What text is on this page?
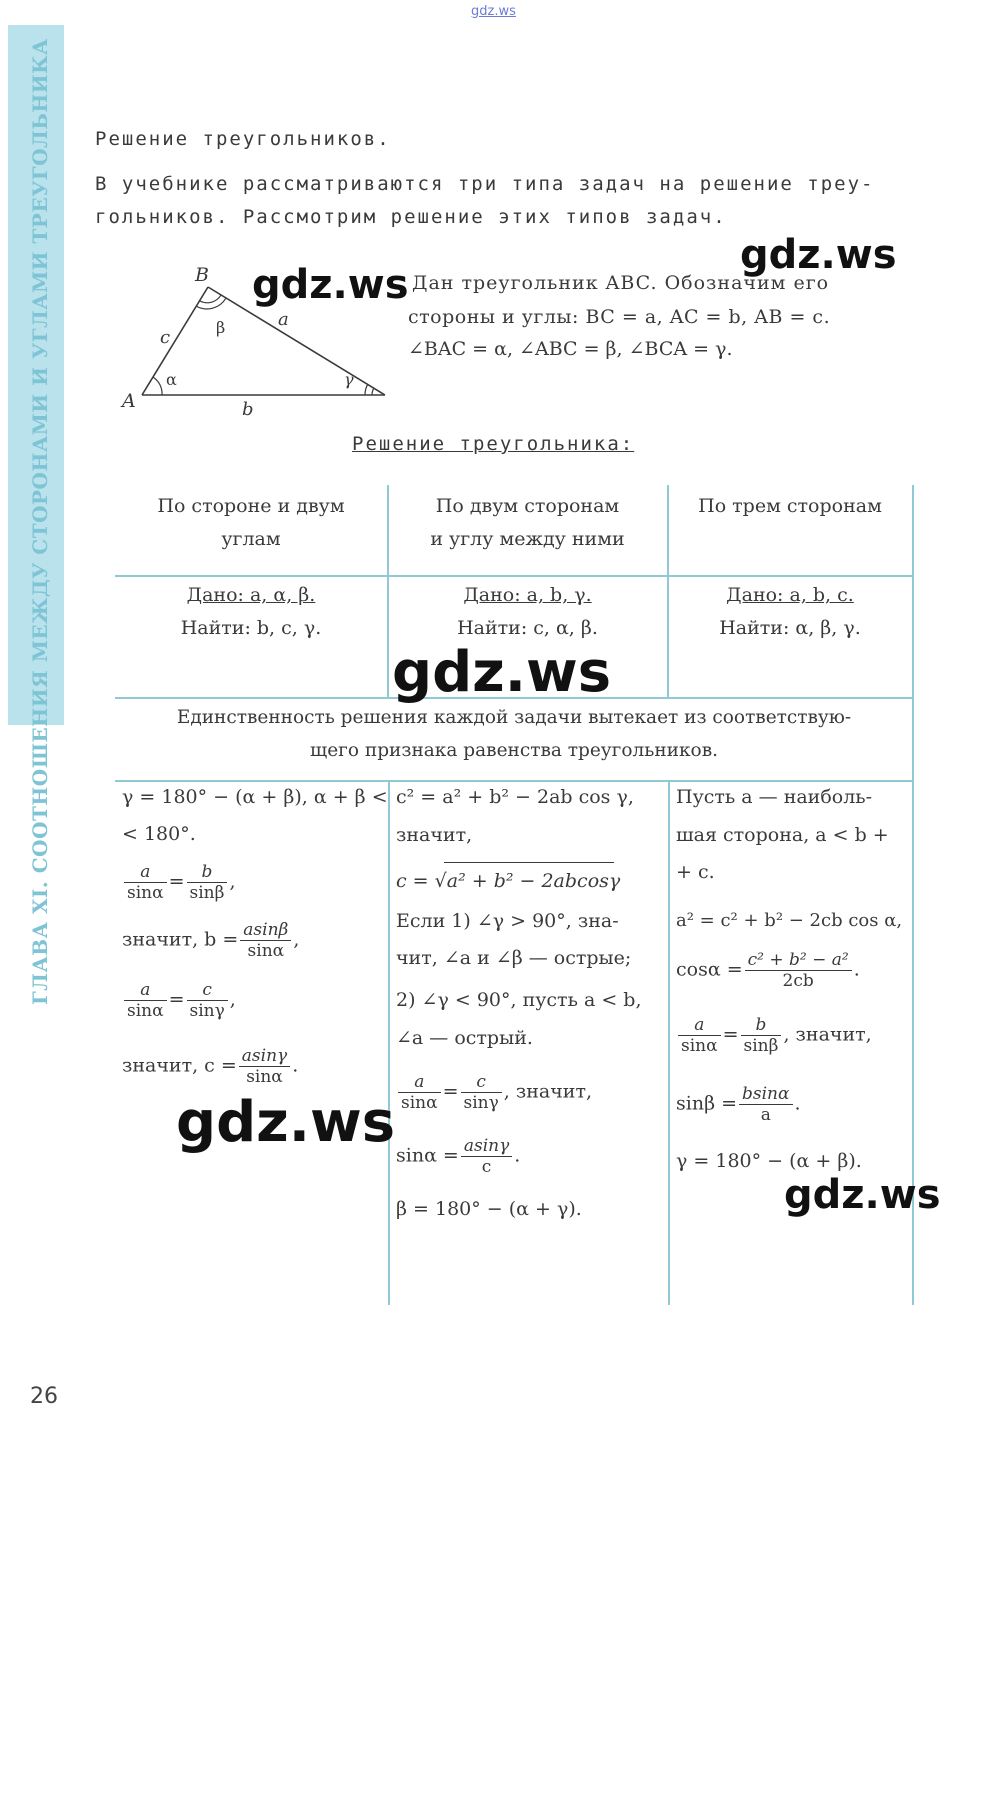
gdz.ws
ГЛАВА XI. СООТНОШЕНИЯ МЕЖДУ СТОРОНАМИ И УГЛАМИ ТРЕУГОЛЬНИКА Решение треугольников.
В учебнике рассматриваются три типа задач на решение треу-
гольников. Рассмотрим решение этих типов задач.
A
B
a
b
c
α
β
γ
Дан треугольник ABC. Обозначим его
стороны и углы: BC = a, AC = b, AB = c.
∠BAC = α, ∠ABC = β, ∠BCA = γ.
Решение треугольника:
По стороне и двум
углам
По двум сторонам
и углу между ними
По трем сторонам
Дано: a, α, β.
Найти: b, c, γ.
Дано: a, b, γ.
Найти: c, α, β.
Дано: a, b, c.
Найти: α, β, γ.
Единственность решения каждой задачи вытекает из соответствую-
щего признака равенства треугольников.
γ = 180° − (α + β), α + β <
< 180°.
$\frac{a}{\sin\alpha} = \frac{b}{\sin\beta}$ ,
значит, $b = \frac{asin\beta}{\sin\alpha}$ ,
$\frac{a}{\sin\alpha} = \frac{c}{\sin\gamma}$ ,
значит, $c = \frac{asin\gamma}{\sin\alpha}$ .
c² = a² + b² − 2ab cos γ,
значит,
c = √a² + b² − 2abcosγ
Если 1) ∠γ > 90°, зна-
чит, ∠a и ∠β — острые;
2) ∠γ < 90°, пусть a < b,
∠a — острый.
$\frac{a}{\sin\alpha} = \frac{c}{\sin\gamma}$ , значит,
$\sin\alpha = \frac{asin\gamma}{c}$ .
β = 180° − (α + γ).
Пусть a — наиболь-
шая сторона, a < b +
+ c.
a² = c² + b² − 2cb cos α,
$\cos\alpha = \frac{\text{c² + b² − a²}}{2cb}$ .
$\frac{a}{\sin\alpha} = \frac{b}{\sin\beta}$ , значит,
$\sin\beta = \frac{bsin\alpha}{a}$ .
γ = 180° − (α + β).
gdz.ws
gdz.ws
gdz.ws
gdz.ws
gdz.ws
26
